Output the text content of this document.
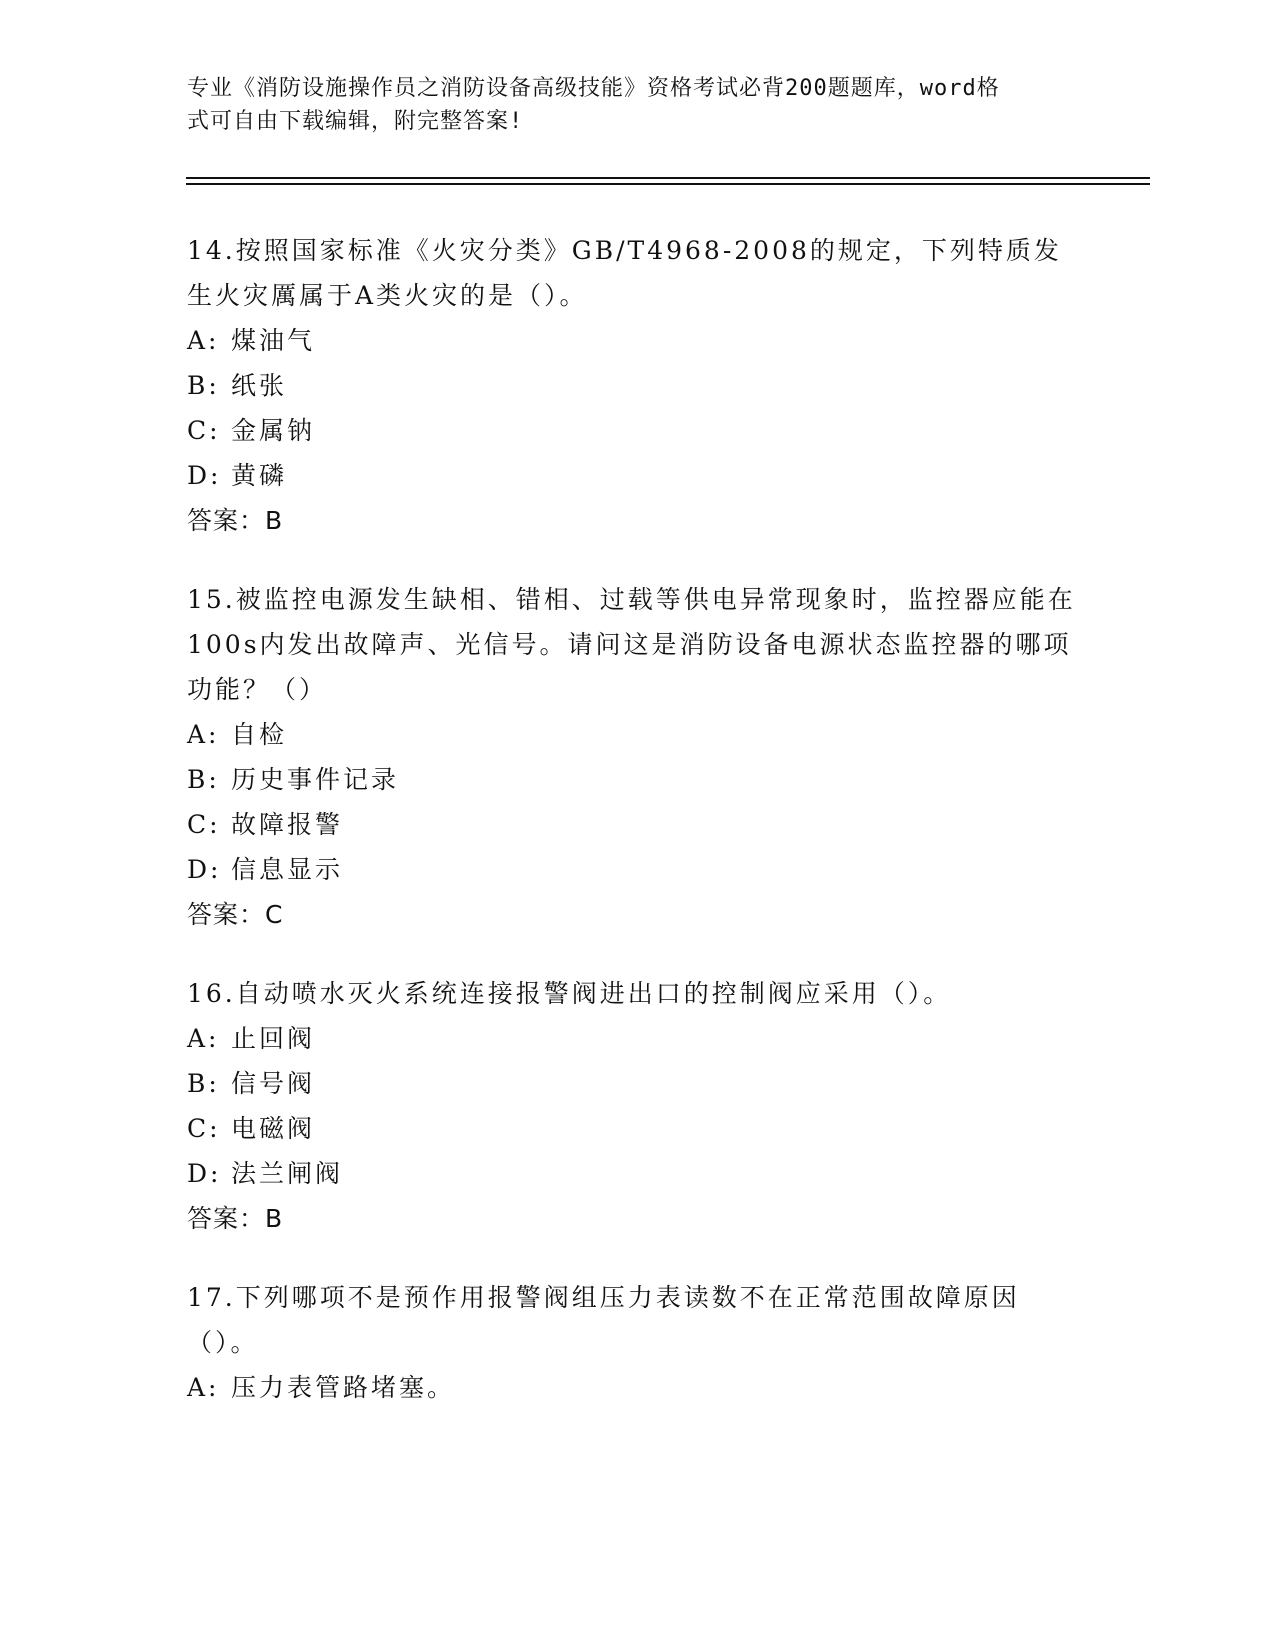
专业《消防设施操作员之消防设备高级技能》资格考试必背200题题库，word格
式可自由下载编辑，附完整答案!
14.按照国家标准《火灾分类》GB/T4968-2008的规定，下列特质发生火灾厲属于A类火灾的是（）。
A: 煤油气
B: 纸张
C: 金属钠
D: 黄磷
答案：B
15.被监控电源发生缺相、错相、过载等供电异常现象时，监控器应能在100s内发出故障声、光信号。请问这是消防设备电源状态监控器的哪项功能？（）
A: 自检
B: 历史事件记录
C: 故障报警
D: 信息显示
答案：C
16.自动喷水灭火系统连接报警阀进出口的控制阀应采用（）。
A: 止回阀
B: 信号阀
C: 电磁阀
D: 法兰闸阀
答案：B
17.下列哪项不是预作用报警阀组压力表读数不在正常范围故障原因（）。
A: 压力表管路堵塞。
